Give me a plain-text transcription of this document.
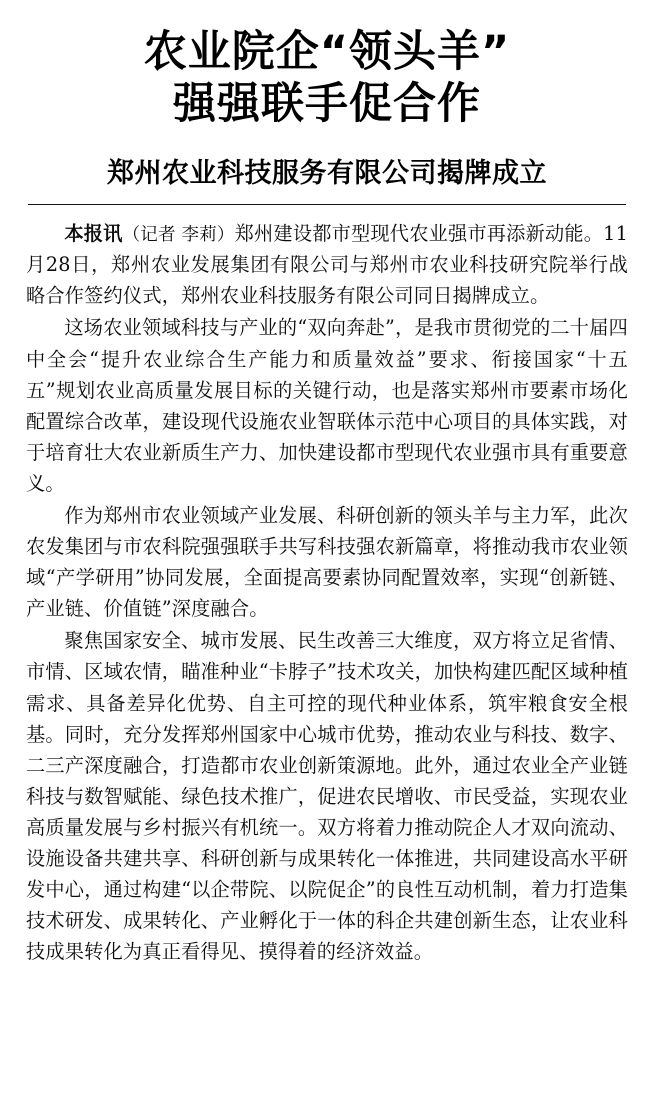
农业院企“领头羊”
强强联手促合作
郑州农业科技服务有限公司揭牌成立

本报讯（记者 李莉）郑州建设都市型现代农业强市再添新动能。11月28日，郑州农业发展集团有限公司与郑州市农业科技研究院举行战略合作签约仪式，郑州农业科技服务有限公司同日揭牌成立。

这场农业领域科技与产业的“双向奔赴”，是我市贯彻党的二十届四中全会“提升农业综合生产能力和质量效益”要求、衔接国家“十五五”规划农业高质量发展目标的关键行动，也是落实郑州市要素市场化配置综合改革，建设现代设施农业智联体示范中心项目的具体实践，对于培育壮大农业新质生产力、加快建设都市型现代农业强市具有重要意义。

作为郑州市农业领域产业发展、科研创新的领头羊与主力军，此次农发集团与市农科院强强联手共写科技强农新篇章，将推动我市农业领域“产学研用”协同发展，全面提高要素协同配置效率，实现“创新链、产业链、价值链”深度融合。

聚焦国家安全、城市发展、民生改善三大维度，双方将立足省情、市情、区域农情，瞄准种业“卡脖子”技术攻关，加快构建匹配区域种植需求、具备差异化优势、自主可控的现代种业体系，筑牢粮食安全根基。同时，充分发挥郑州国家中心城市优势，推动农业与科技、数字、二三产深度融合，打造都市农业创新策源地。此外，通过农业全产业链科技与数智赋能、绿色技术推广，促进农民增收、市民受益，实现农业高质量发展与乡村振兴有机统一。双方将着力推动院企人才双向流动、设施设备共建共享、科研创新与成果转化一体推进，共同建设高水平研发中心，通过构建“以企带院、以院促企”的良性互动机制，着力打造集技术研发、成果转化、产业孵化于一体的科企共建创新生态，让农业科技成果转化为真正看得见、摸得着的经济效益。
